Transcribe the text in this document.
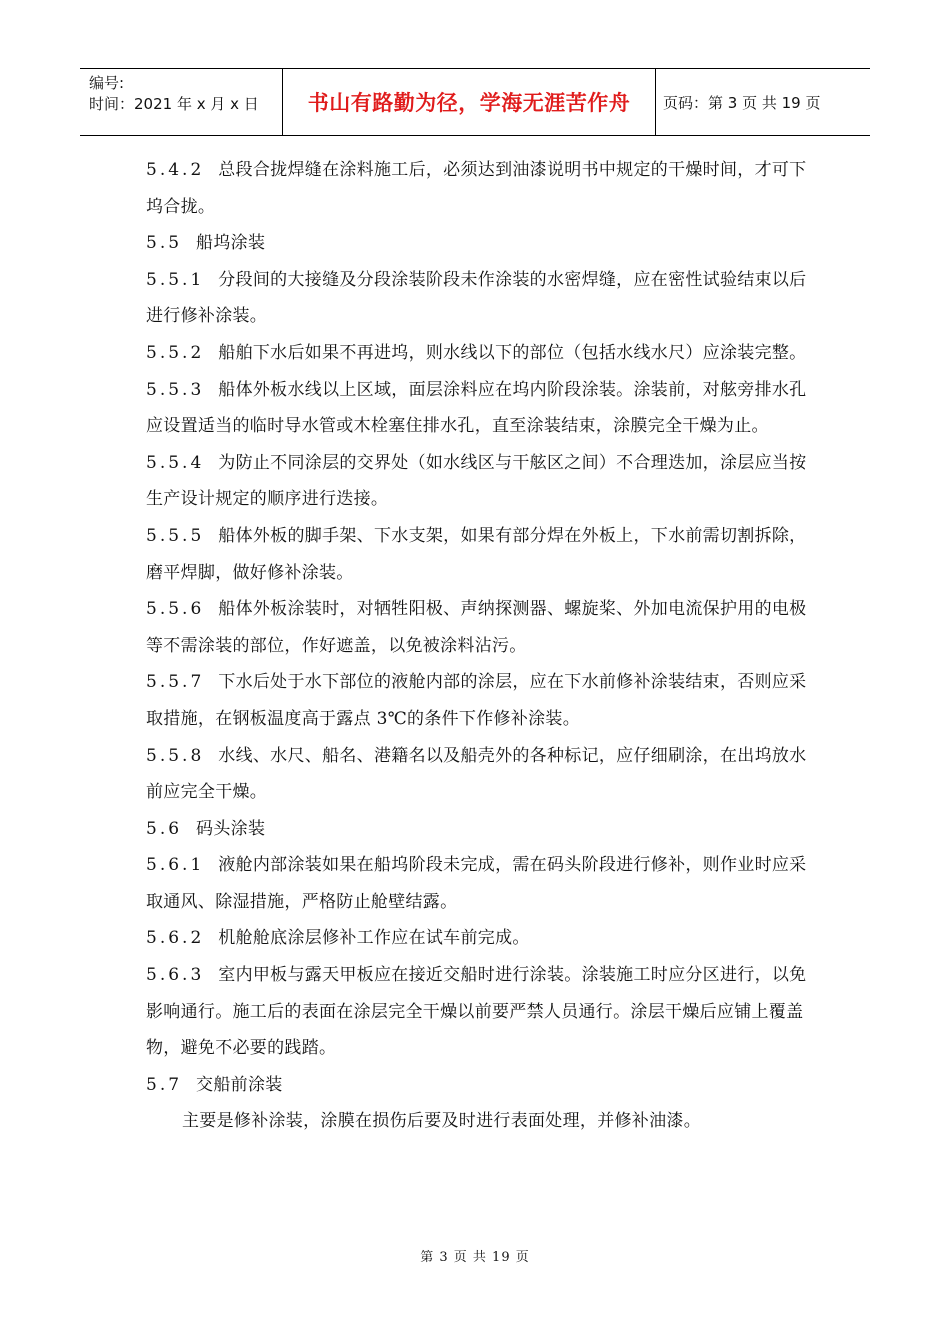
编号:
时间：2021 年 x 月 x 日	书山有路勤为径，学海无涯苦作舟	页码：第 3 页 共 19 页
5.4.2 总段合拢焊缝在涂料施工后，必须达到油漆说明书中规定的干燥时间，才可下坞合拢。
5.5 船坞涂装
5.5.1 分段间的大接缝及分段涂装阶段未作涂装的水密焊缝，应在密性试验结束以后进行修补涂装。
5.5.2 船舶下水后如果不再进坞，则水线以下的部位（包括水线水尺）应涂装完整。
5.5.3 船体外板水线以上区域，面层涂料应在坞内阶段涂装。涂装前，对舷旁排水孔应设置适当的临时导水管或木栓塞住排水孔，直至涂装结束，涂膜完全干燥为止。
5.5.4 为防止不同涂层的交界处（如水线区与干舷区之间）不合理迭加，涂层应当按生产设计规定的顺序进行迭接。
5.5.5 船体外板的脚手架、下水支架，如果有部分焊在外板上，下水前需切割拆除，磨平焊脚，做好修补涂装。
5.5.6 船体外板涂装时，对牺牲阳极、声纳探测器、螺旋桨、外加电流保护用的电极等不需涂装的部位，作好遮盖，以免被涂料沾污。
5.5.7 下水后处于水下部位的液舱内部的涂层，应在下水前修补涂装结束，否则应采取措施，在钢板温度高于露点 3℃的条件下作修补涂装。
5.5.8 水线、水尺、船名、港籍名以及船壳外的各种标记，应仔细刷涂，在出坞放水前应完全干燥。
5.6 码头涂装
5.6.1 液舱内部涂装如果在船坞阶段未完成，需在码头阶段进行修补，则作业时应采取通风、除湿措施，严格防止舱壁结露。
5.6.2 机舱舱底涂层修补工作应在试车前完成。
5.6.3 室内甲板与露天甲板应在接近交船时进行涂装。涂装施工时应分区进行，以免影响通行。施工后的表面在涂层完全干燥以前要严禁人员通行。涂层干燥后应铺上覆盖物，避免不必要的践踏。
5.7 交船前涂装
主要是修补涂装，涂膜在损伤后要及时进行表面处理，并修补油漆。
第 3 页 共 19 页
